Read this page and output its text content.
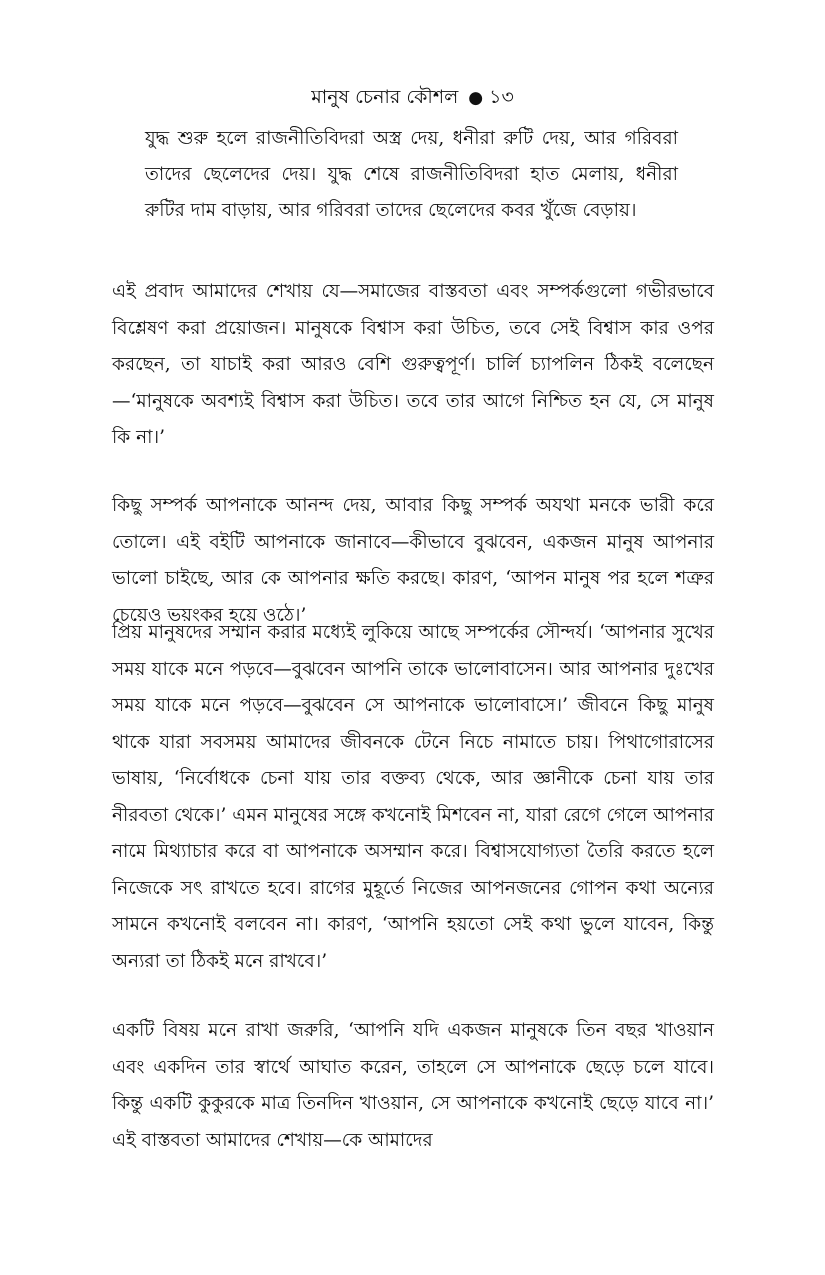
মানুষ চেনার কৌশল ● ১৩
যুদ্ধ শুরু হলে রাজনীতিবিদরা অস্ত্র দেয়, ধনীরা রুটি দেয়, আর গরিবরা তাদের ছেলেদের দেয়। যুদ্ধ শেষে রাজনীতিবিদরা হাত মেলায়, ধনীরা রুটির দাম বাড়ায়, আর গরিবরা তাদের ছেলেদের কবর খুঁজে বেড়ায়।
এই প্রবাদ আমাদের শেখায় যে—সমাজের বাস্তবতা এবং সম্পর্কগুলো গভীরভাবে বিশ্লেষণ করা প্রয়োজন। মানুষকে বিশ্বাস করা উচিত, তবে সেই বিশ্বাস কার ওপর করছেন, তা যাচাই করা আরও বেশি গুরুত্বপূর্ণ। চার্লি চ্যাপলিন ঠিকই বলেছেন—‘মানুষকে অবশ্যই বিশ্বাস করা উচিত। তবে তার আগে নিশ্চিত হন যে, সে মানুষ কি না।’
কিছু সম্পর্ক আপনাকে আনন্দ দেয়, আবার কিছু সম্পর্ক অযথা মনকে ভারী করে তোলে। এই বইটি আপনাকে জানাবে—কীভাবে বুঝবেন, একজন মানুষ আপনার ভালো চাইছে, আর কে আপনার ক্ষতি করছে। কারণ, ‘আপন মানুষ পর হলে শত্রুর চেয়েও ভয়ংকর হয়ে ওঠে।’
প্রিয় মানুষদের সম্মান করার মধ্যেই লুকিয়ে আছে সম্পর্কের সৌন্দর্য। ‘আপনার সুখের সময় যাকে মনে পড়বে—বুঝবেন আপনি তাকে ভালোবাসেন। আর আপনার দুঃখের সময় যাকে মনে পড়বে—বুঝবেন সে আপনাকে ভালোবাসে।’ জীবনে কিছু মানুষ থাকে যারা সবসময় আমাদের জীবনকে টেনে নিচে নামাতে চায়। পিথাগোরাসের ভাষায়, ‘নির্বোধকে চেনা যায় তার বক্তব্য থেকে, আর জ্ঞানীকে চেনা যায় তার নীরবতা থেকে।’ এমন মানুষের সঙ্গে কখনোই মিশবেন না, যারা রেগে গেলে আপনার নামে মিথ্যাচার করে বা আপনাকে অসম্মান করে। বিশ্বাসযোগ্যতা তৈরি করতে হলে নিজেকে সৎ রাখতে হবে। রাগের মুহূর্তে নিজের আপনজনের গোপন কথা অন্যের সামনে কখনোই বলবেন না। কারণ, ‘আপনি হয়তো সেই কথা ভুলে যাবেন, কিন্তু অন্যরা তা ঠিকই মনে রাখবে।’
একটি বিষয় মনে রাখা জরুরি, ‘আপনি যদি একজন মানুষকে তিন বছর খাওয়ান এবং একদিন তার স্বার্থে আঘাত করেন, তাহলে সে আপনাকে ছেড়ে চলে যাবে। কিন্তু একটি কুকুরকে মাত্র তিনদিন খাওয়ান, সে আপনাকে কখনোই ছেড়ে যাবে না।’ এই বাস্তবতা আমাদের শেখায়—কে আমাদের
